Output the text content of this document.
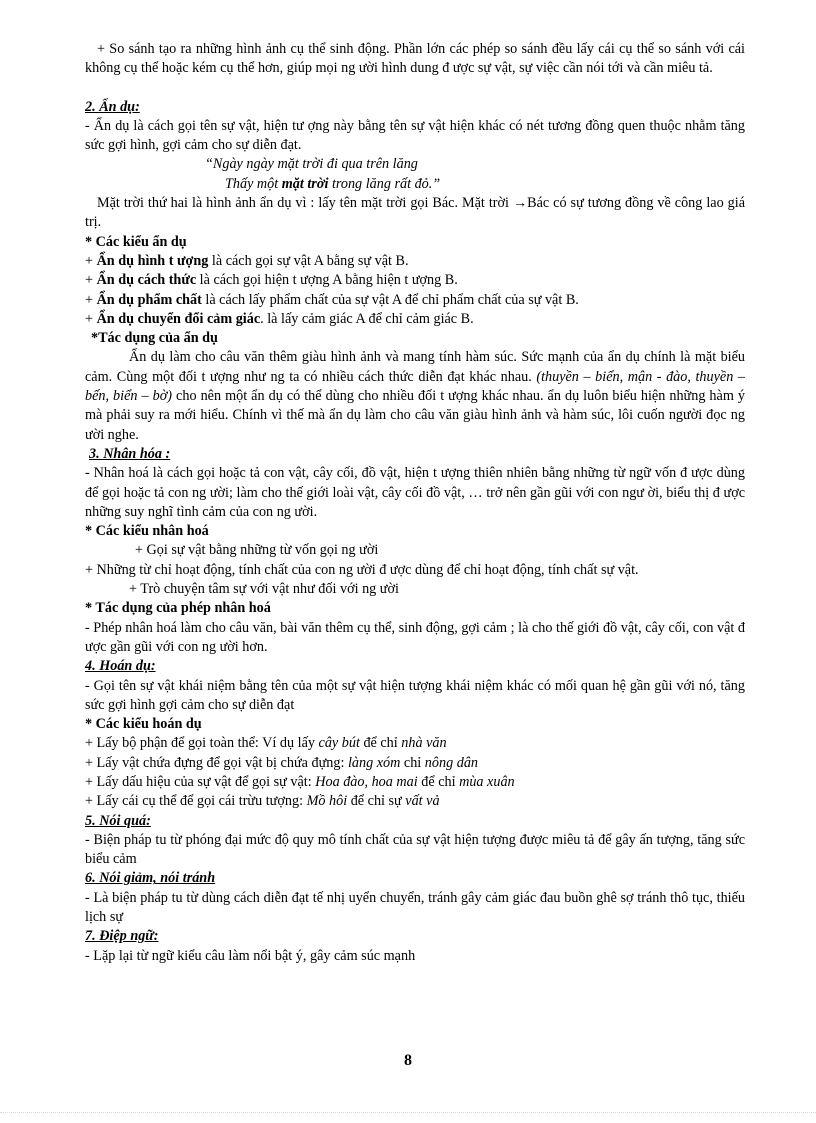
+ So sánh tạo ra những hình ảnh cụ thể sinh động. Phần lớn các phép so sánh đều lấy cái cụ thể so sánh với cái không cụ thể hoặc kém cụ thể hơn, giúp mọi ng ười hình dung đ ược sự vật, sự việc cần nói tới và cần miêu tả.

2. Ẩn dụ:

- Ẩn dụ là cách gọi tên sự vật, hiện tư ợng này bằng tên sự vật hiện khác có nét tương đồng quen thuộc nhằm tăng sức gợi hình, gợi cảm cho sự diễn đạt.

“Ngày ngày mặt trời đi qua trên lăng

Thấy một mặt trời trong lăng rất đỏ.”

Mặt trời thứ hai là hình ảnh ẩn dụ vì : lấy tên mặt trời gọi Bác. Mặt trời →Bác có sự tương đồng về công lao giá trị.

* Các kiểu ẩn dụ

+ Ẩn dụ hình t ượng là cách gọi sự vật A bằng sự vật B.

+ Ẩn dụ cách thức là cách gọi hiện t ượng A bằng hiện t ượng B.

+ Ẩn dụ phẩm chất là cách lấy phẩm chất của sự vật A để chỉ phẩm chất của sự vật B.

+ Ẩn dụ chuyển đổi cảm giác. là lấy cảm giác A để chỉ cảm giác B.

*Tác dụng của ẩn dụ

Ẩn dụ làm cho câu văn thêm giàu hình ảnh và mang tính hàm súc. Sức mạnh của ẩn dụ chính là mặt biểu cảm. Cùng một đối t ượng như ng ta có nhiều cách thức diễn đạt khác nhau. (thuyền – biển, mận - đào, thuyền – bến, biển – bờ) cho nên một ẩn dụ có thể dùng cho nhiều đối t ượng khác nhau. ẩn dụ luôn biểu hiện những hàm ý mà phải suy ra mới hiểu. Chính vì thế mà ẩn dụ làm cho câu văn giàu hình ảnh và hàm súc, lôi cuốn người đọc ng ười nghe.

3. Nhân hóa :

- Nhân hoá là cách gọi hoặc tả con vật, cây cối, đồ vật, hiện t ượng thiên nhiên bằng những từ ngữ vốn đ ược dùng để gọi hoặc tả con ng ười; làm cho thế giới loài vật, cây cối đồ vật, … trở nên gần gũi với con ngư ời, biểu thị đ ược những suy nghĩ tình cảm của con ng ười.

* Các kiểu nhân hoá

+ Gọi sự vật bằng những từ vốn gọi ng ười

+ Những từ chỉ hoạt động, tính chất của con ng ười đ ược dùng để chỉ hoạt động, tính chất sự vật.

+ Trò chuyện tâm sự với vật như đối với ng ười

* Tác dụng của phép nhân hoá

- Phép nhân hoá làm cho câu văn, bài văn thêm cụ thể, sinh động, gợi cảm ; là cho thế giới đồ vật, cây cối, con vật đ ược gần gũi với con ng ười hơn.

4. Hoán dụ:

- Gọi tên sự vật khái niệm bằng tên của một sự vật hiện tượng khái niệm khác có mối quan hệ gần gũi với nó, tăng sức gợi hình gợi cảm cho sự diễn đạt

* Các kiểu hoán dụ

+ Lấy bộ phận để gọi toàn thể: Ví dụ lấy cây bút để chỉ nhà văn

+ Lấy vật chứa đựng để gọi vật bị chứa đựng: làng xóm chỉ nông dân

+ Lấy dấu hiệu của sự vật để gọi sự vật: Hoa đào, hoa mai để chỉ mùa xuân

+ Lấy cái cụ thể để gọi cái trừu tượng: Mồ hôi để chỉ sự vất vả

5. Nói quá:

- Biện pháp tu từ phóng đại mức độ quy mô tính chất của sự vật hiện tượng được miêu tả để gây ấn tượng, tăng sức biểu cảm

6. Nói giảm, nói tránh

- Là biện pháp tu từ dùng cách diễn đạt tế nhị uyển chuyển, tránh gây cảm giác đau buồn ghê sợ tránh thô tục, thiếu lịch sự

7. Điệp ngữ:

- Lặp lại từ ngữ kiểu câu làm nổi bật ý, gây cảm súc mạnh

8
